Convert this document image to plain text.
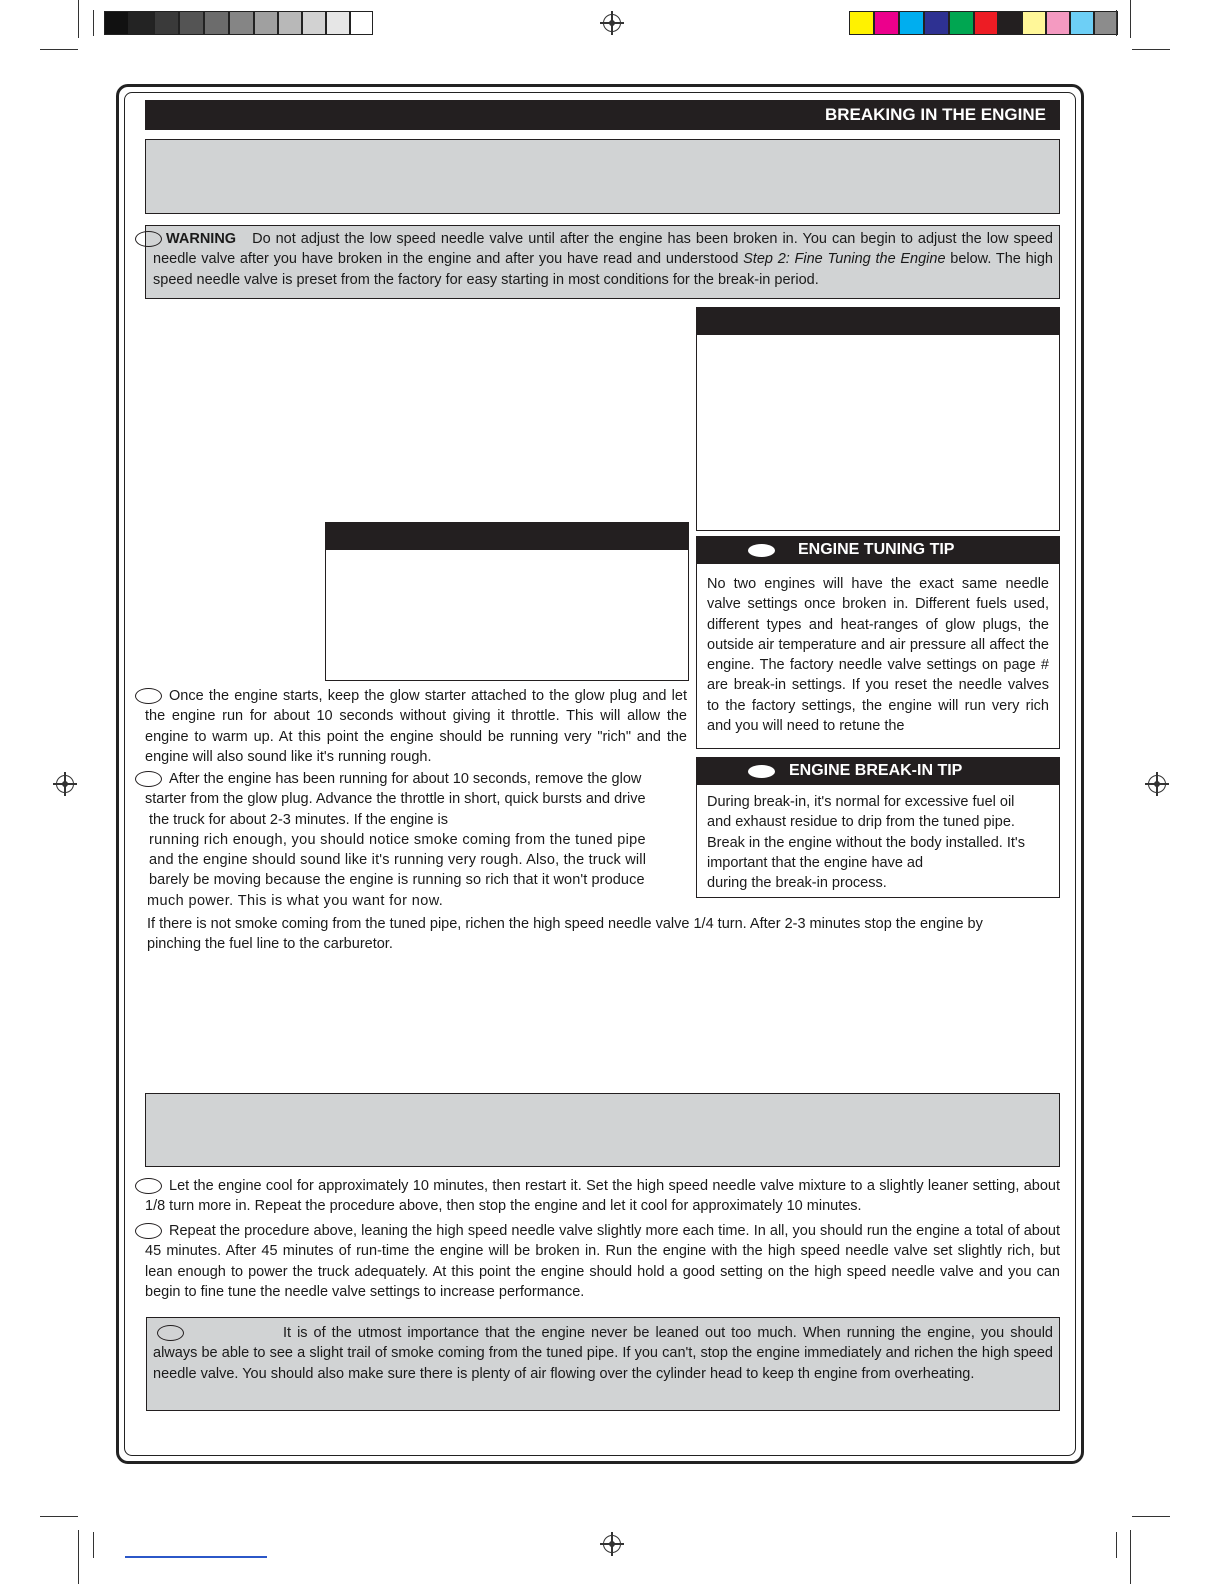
BREAKING IN THE ENGINE
WARNING Do not adjust the low speed needle valve until after the engine has been broken in. You can begin to adjust the low speed needle valve after you have broken in the engine and after you have read and understood Step 2: Fine Tuning the Engine below. The high speed needle valve is preset from the factory for easy starting in most conditions for the break-in period.
ENGINE TUNING TIP
No two engines will have the exact same needle valve settings once broken in. Different fuels used, different types and heat-ranges of glow plugs, the outside air temperature and air pressure all affect the engine. The factory needle valve settings on page # are break-in settings. If you reset the needle valves to the factory settings, the engine will run very rich and you will need to retune the
ENGINE BREAK-IN TIP
During break-in, it's normal for excessive fuel oil
and exhaust residue to drip from the tuned pipe.
Break in the engine without the body installed. It's
important that the engine have ad
during the break-in process.
Once the engine starts, keep the glow starter attached to the glow plug and let the engine run for about 10 seconds without giving it throttle. This will allow the engine to warm up. At this point the engine should be running very "rich" and the engine will also sound like it's running rough.
After the engine has been running for about 10 seconds, remove the glow
starter from the glow plug. Advance the throttle in short, quick bursts and drive
the truck for about 2-3 minutes. If the engine is
running rich enough, you should notice smoke coming from the tuned pipe
and the engine should sound like it's running very rough. Also, the truck will
barely be moving because the engine is running so rich that it won't produce
much power. This is what you want for now.
If there is not smoke coming from the tuned pipe, richen the high speed needle valve 1/4 turn. After 2-3 minutes stop the engine by
pinching the fuel line to the carburetor.
Let the engine cool for approximately 10 minutes, then restart it. Set the high speed needle valve mixture to a slightly leaner setting, about 1/8 turn more in. Repeat the procedure above, then stop the engine and let it cool for approximately 10 minutes.
Repeat the procedure above, leaning the high speed needle valve slightly more each time. In all, you should run the engine a total of about 45 minutes. After 45 minutes of run-time the engine will be broken in. Run the engine with the high speed needle valve set slightly rich, but lean enough to power the truck adequately. At this point the engine should hold a good setting on the high speed needle valve and you can begin to fine tune the needle valve settings to increase performance.
It is of the utmost importance that the engine never be leaned out too much. When running the engine, you should always be able to see a slight trail of smoke coming from the tuned pipe. If you can't, stop the engine immediately and richen the high speed needle valve. You should also make sure there is plenty of air flowing over the cylinder head to keep th engine from overheating.
